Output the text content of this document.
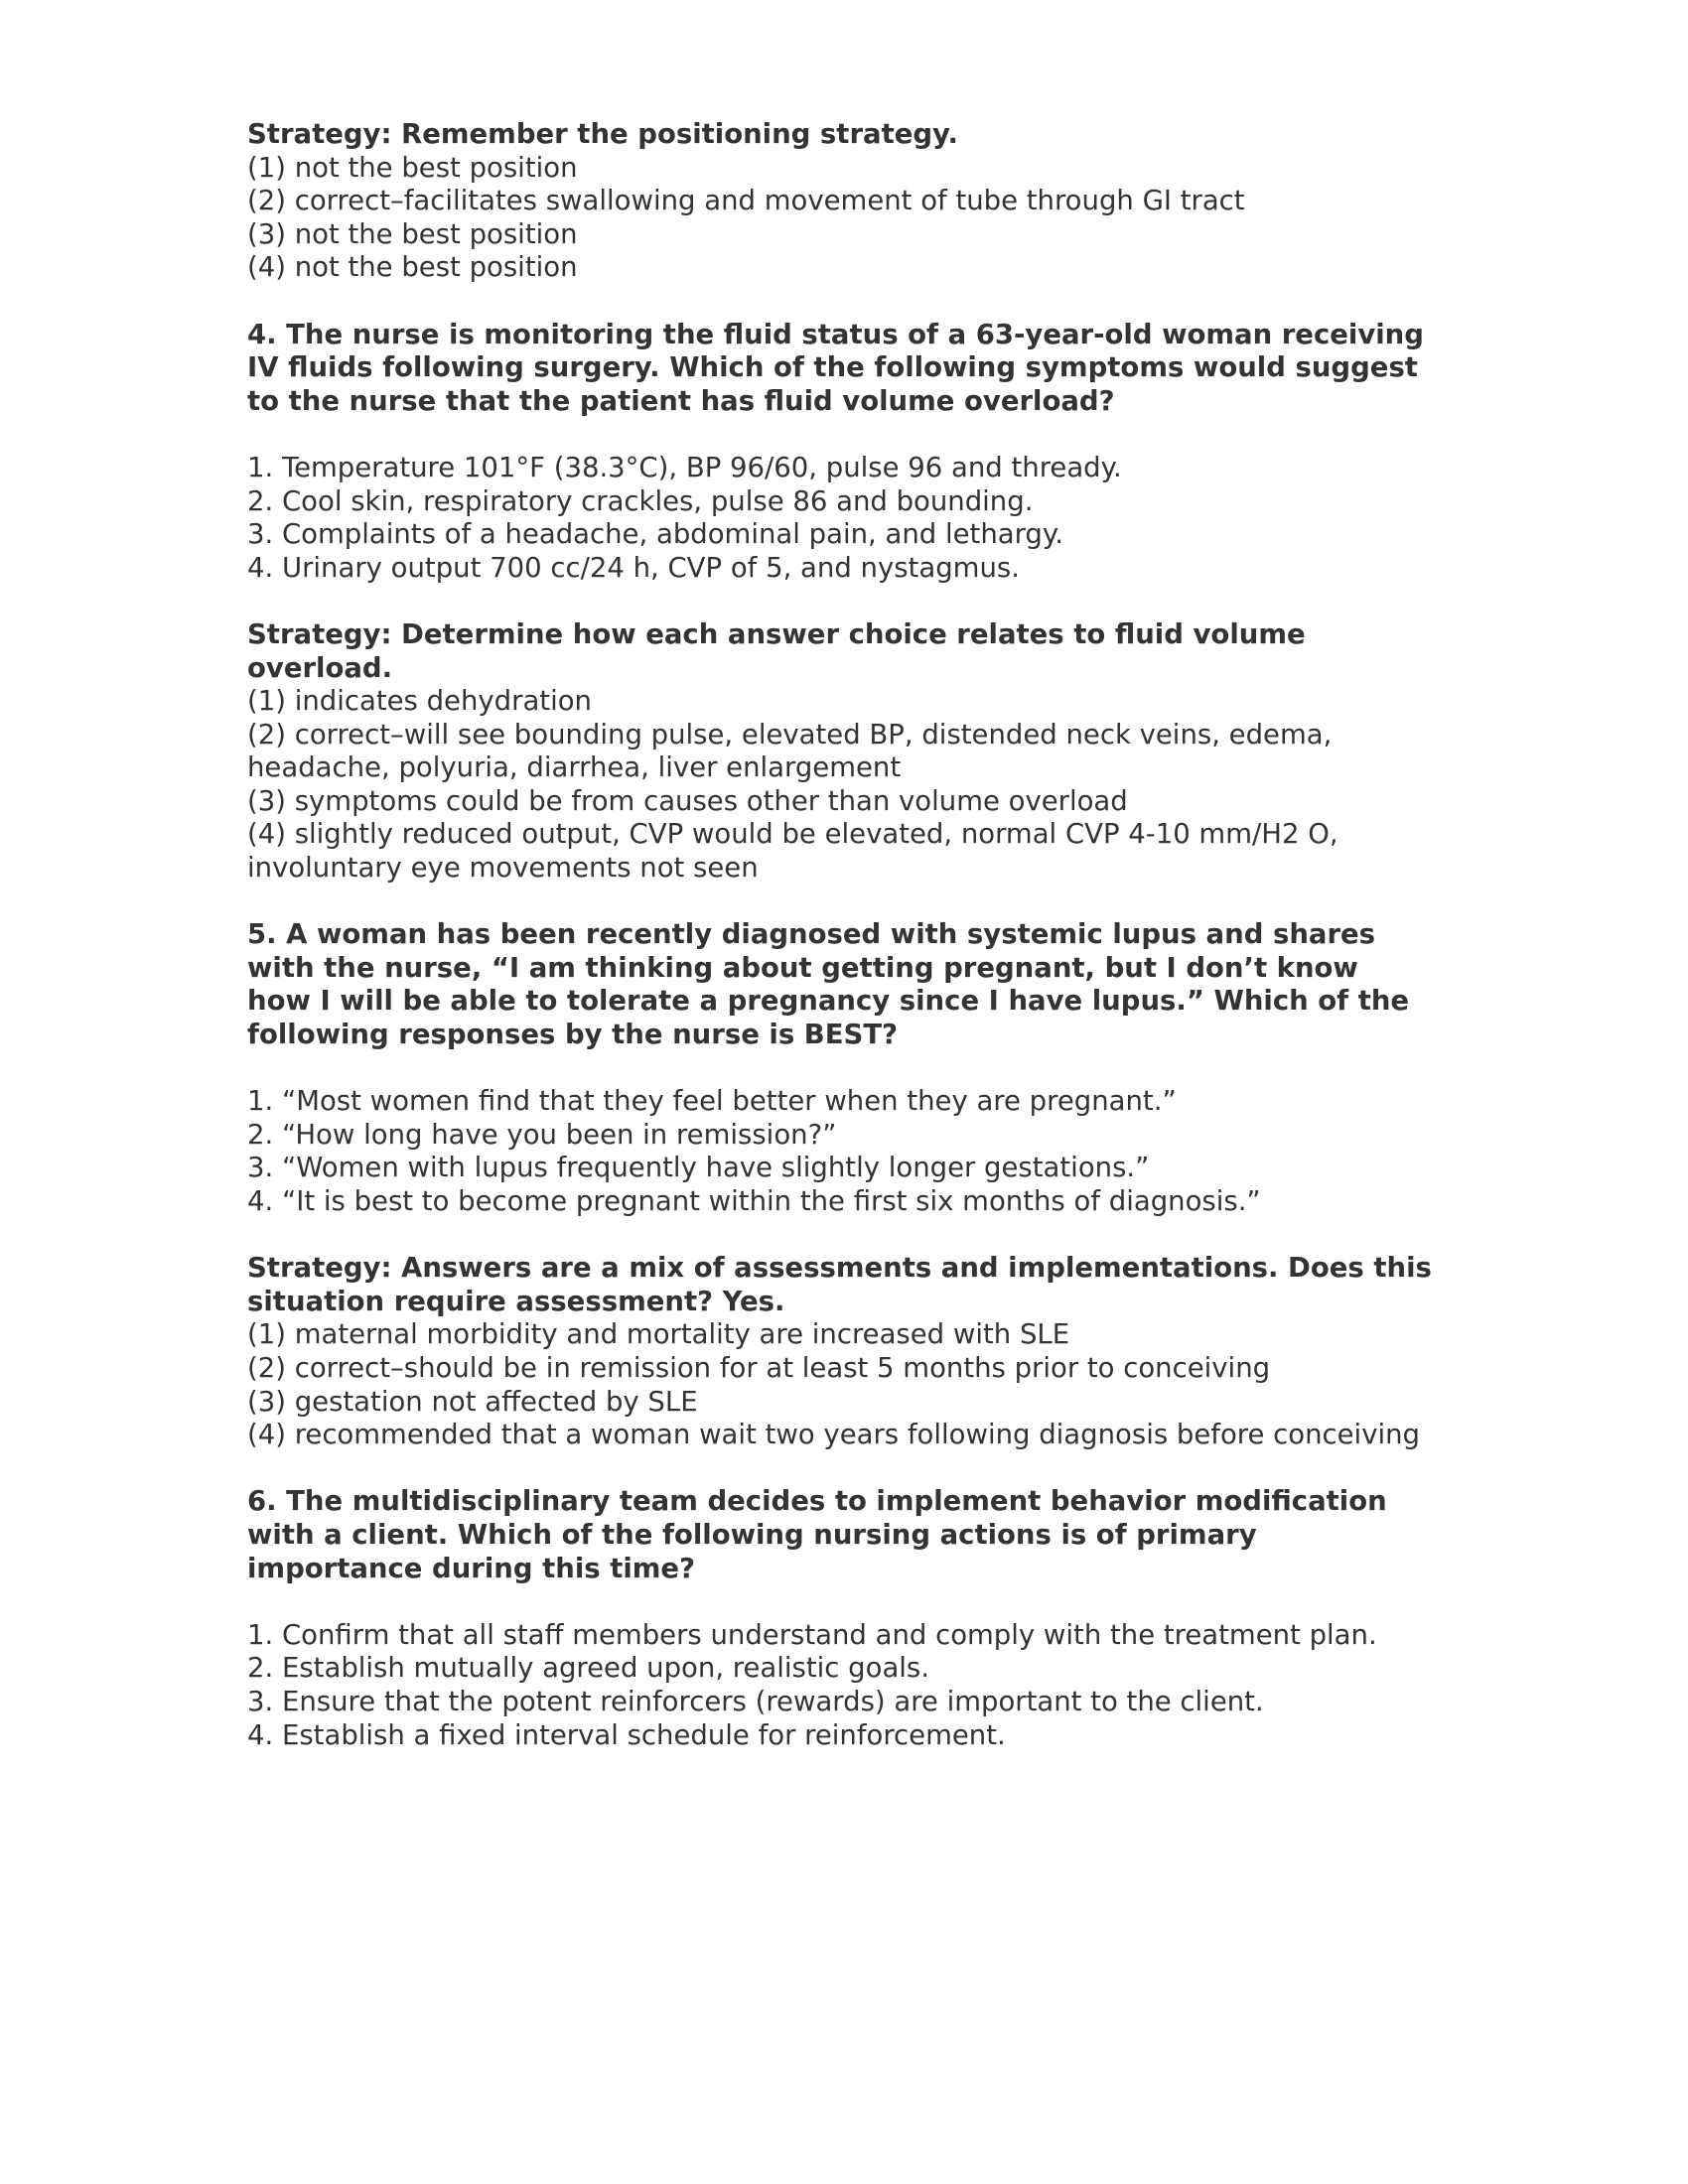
Strategy: Remember the positioning strategy.
(1) not the best position
(2) correct–facilitates swallowing and movement of tube through GI tract
(3) not the best position
(4) not the best position
4. The nurse is monitoring the fluid status of a 63-year-old woman receiving
IV fluids following surgery. Which of the following symptoms would suggest
to the nurse that the patient has fluid volume overload?
1. Temperature 101°F (38.3°C), BP 96/60, pulse 96 and thready.
2. Cool skin, respiratory crackles, pulse 86 and bounding.
3. Complaints of a headache, abdominal pain, and lethargy.
4. Urinary output 700 cc/24 h, CVP of 5, and nystagmus.
Strategy: Determine how each answer choice relates to fluid volume
overload.
(1) indicates dehydration
(2) correct–will see bounding pulse, elevated BP, distended neck veins, edema,
headache, polyuria, diarrhea, liver enlargement
(3) symptoms could be from causes other than volume overload
(4) slightly reduced output, CVP would be elevated, normal CVP 4-10 mm/H2 O,
involuntary eye movements not seen
5. A woman has been recently diagnosed with systemic lupus and shares
with the nurse, “I am thinking about getting pregnant, but I don’t know
how I will be able to tolerate a pregnancy since I have lupus.” Which of the
following responses by the nurse is BEST?
1. “Most women find that they feel better when they are pregnant.”
2. “How long have you been in remission?”
3. “Women with lupus frequently have slightly longer gestations.”
4. “It is best to become pregnant within the first six months of diagnosis.”
Strategy: Answers are a mix of assessments and implementations. Does this
situation require assessment? Yes.
(1) maternal morbidity and mortality are increased with SLE
(2) correct–should be in remission for at least 5 months prior to conceiving
(3) gestation not affected by SLE
(4) recommended that a woman wait two years following diagnosis before conceiving
6. The multidisciplinary team decides to implement behavior modification
with a client. Which of the following nursing actions is of primary
importance during this time?
1. Confirm that all staff members understand and comply with the treatment plan.
2. Establish mutually agreed upon, realistic goals.
3. Ensure that the potent reinforcers (rewards) are important to the client.
4. Establish a fixed interval schedule for reinforcement.
